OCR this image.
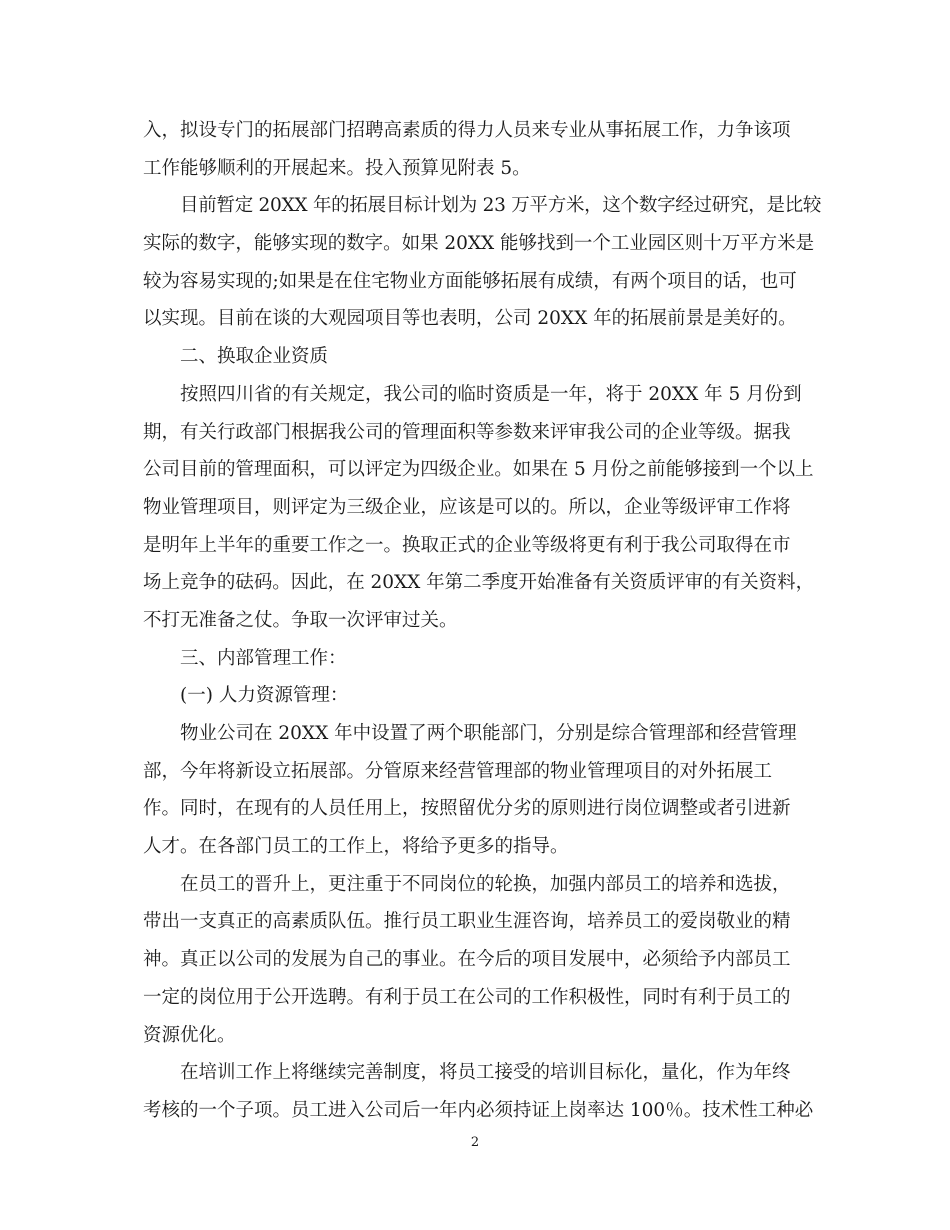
入，拟设专门的拓展部门招聘高素质的得力人员来专业从事拓展工作，力争该项
工作能够顺利的开展起来。投入预算见附表 5。
目前暂定 20XX 年的拓展目标计划为 23 万平方米，这个数字经过研究，是比较
实际的数字，能够实现的数字。如果 20XX 能够找到一个工业园区则十万平方米是
较为容易实现的;如果是在住宅物业方面能够拓展有成绩，有两个项目的话，也可
以实现。目前在谈的大观园项目等也表明，公司 20XX 年的拓展前景是美好的。
二、换取企业资质
按照四川省的有关规定，我公司的临时资质是一年，将于 20XX 年 5 月份到
期，有关行政部门根据我公司的管理面积等参数来评审我公司的企业等级。据我
公司目前的管理面积，可以评定为四级企业。如果在 5 月份之前能够接到一个以上
物业管理项目，则评定为三级企业，应该是可以的。所以，企业等级评审工作将
是明年上半年的重要工作之一。换取正式的企业等级将更有利于我公司取得在市
场上竞争的砝码。因此，在 20XX 年第二季度开始准备有关资质评审的有关资料，
不打无准备之仗。争取一次评审过关。
三、内部管理工作：
(一) 人力资源管理：
物业公司在 20XX 年中设置了两个职能部门，分别是综合管理部和经营管理
部，今年将新设立拓展部。分管原来经营管理部的物业管理项目的对外拓展工
作。同时，在现有的人员任用上，按照留优分劣的原则进行岗位调整或者引进新
人才。在各部门员工的工作上，将给予更多的指导。
在员工的晋升上，更注重于不同岗位的轮换，加强内部员工的培养和选拔，
带出一支真正的高素质队伍。推行员工职业生涯咨询，培养员工的爱岗敬业的精
神。真正以公司的发展为自己的事业。在今后的项目发展中，必须给予内部员工
一定的岗位用于公开选聘。有利于员工在公司的工作积极性，同时有利于员工的
资源优化。
在培训工作上将继续完善制度，将员工接受的培训目标化，量化，作为年终
考核的一个子项。员工进入公司后一年内必须持证上岗率达 100％。技术性工种必

2
